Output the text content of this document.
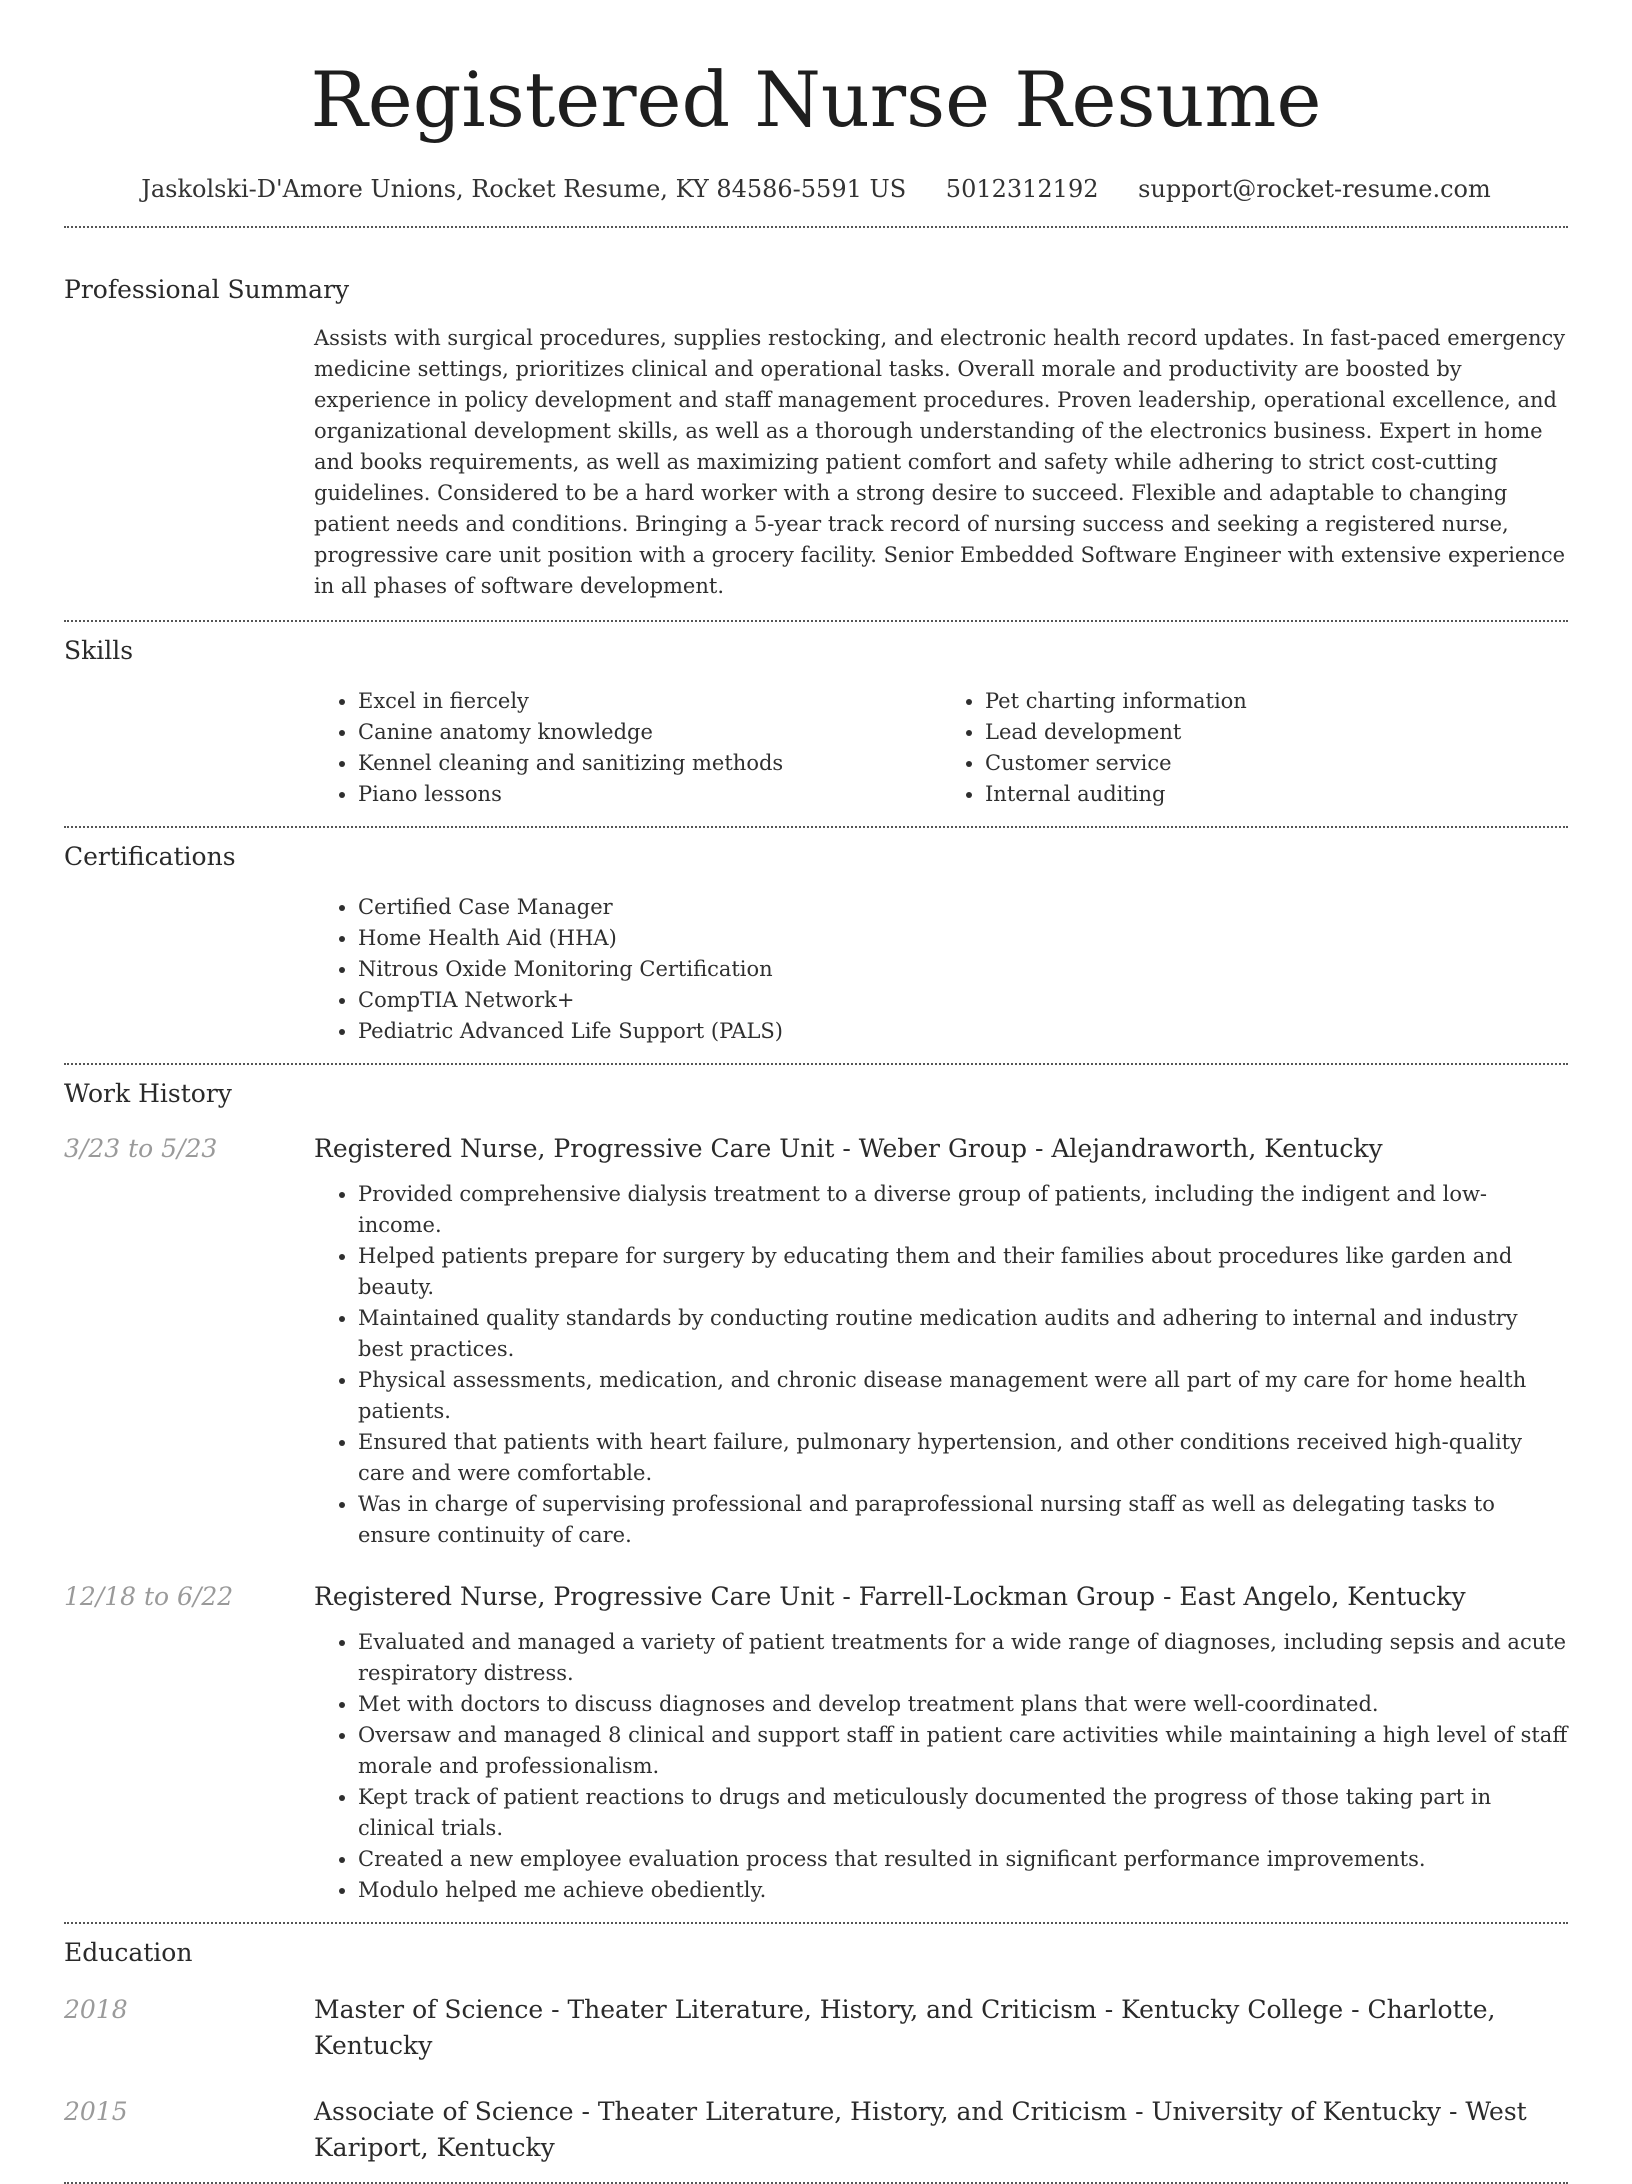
Registered Nurse Resume
Jaskolski-D'Amore Unions, Rocket Resume, KY 84586-5591 US 5012312192 support@rocket-resume.com
Professional Summary
Assists with surgical procedures, supplies restocking, and electronic health record updates. In fast-paced emergency medicine settings, prioritizes clinical and operational tasks. Overall morale and productivity are boosted by experience in policy development and staff management procedures. Proven leadership, operational excellence, and organizational development skills, as well as a thorough understanding of the electronics business. Expert in home and books requirements, as well as maximizing patient comfort and safety while adhering to strict cost-cutting guidelines. Considered to be a hard worker with a strong desire to succeed. Flexible and adaptable to changing patient needs and conditions. Bringing a 5-year track record of nursing success and seeking a registered nurse, progressive care unit position with a grocery facility. Senior Embedded Software Engineer with extensive experience in all phases of software development.
Skills
• Excel in fiercely
• Canine anatomy knowledge
• Kennel cleaning and sanitizing methods
• Piano lessons
• Pet charting information
• Lead development
• Customer service
• Internal auditing
Certifications
• Certified Case Manager
• Home Health Aid (HHA)
• Nitrous Oxide Monitoring Certification
• CompTIA Network+
• Pediatric Advanced Life Support (PALS)
Work History
3/23 to 5/23	Registered Nurse, Progressive Care Unit - Weber Group - Alejandraworth, Kentucky
• Provided comprehensive dialysis treatment to a diverse group of patients, including the indigent and low-income.
• Helped patients prepare for surgery by educating them and their families about procedures like garden and beauty.
• Maintained quality standards by conducting routine medication audits and adhering to internal and industry best practices.
• Physical assessments, medication, and chronic disease management were all part of my care for home health patients.
• Ensured that patients with heart failure, pulmonary hypertension, and other conditions received high-quality care and were comfortable.
• Was in charge of supervising professional and paraprofessional nursing staff as well as delegating tasks to ensure continuity of care.
12/18 to 6/22	Registered Nurse, Progressive Care Unit - Farrell-Lockman Group - East Angelo, Kentucky
• Evaluated and managed a variety of patient treatments for a wide range of diagnoses, including sepsis and acute respiratory distress.
• Met with doctors to discuss diagnoses and develop treatment plans that were well-coordinated.
• Oversaw and managed 8 clinical and support staff in patient care activities while maintaining a high level of staff morale and professionalism.
• Kept track of patient reactions to drugs and meticulously documented the progress of those taking part in clinical trials.
• Created a new employee evaluation process that resulted in significant performance improvements.
• Modulo helped me achieve obediently.
Education
2018	Master of Science - Theater Literature, History, and Criticism - Kentucky College - Charlotte, Kentucky
2015	Associate of Science - Theater Literature, History, and Criticism - University of Kentucky - West Kariport, Kentucky
